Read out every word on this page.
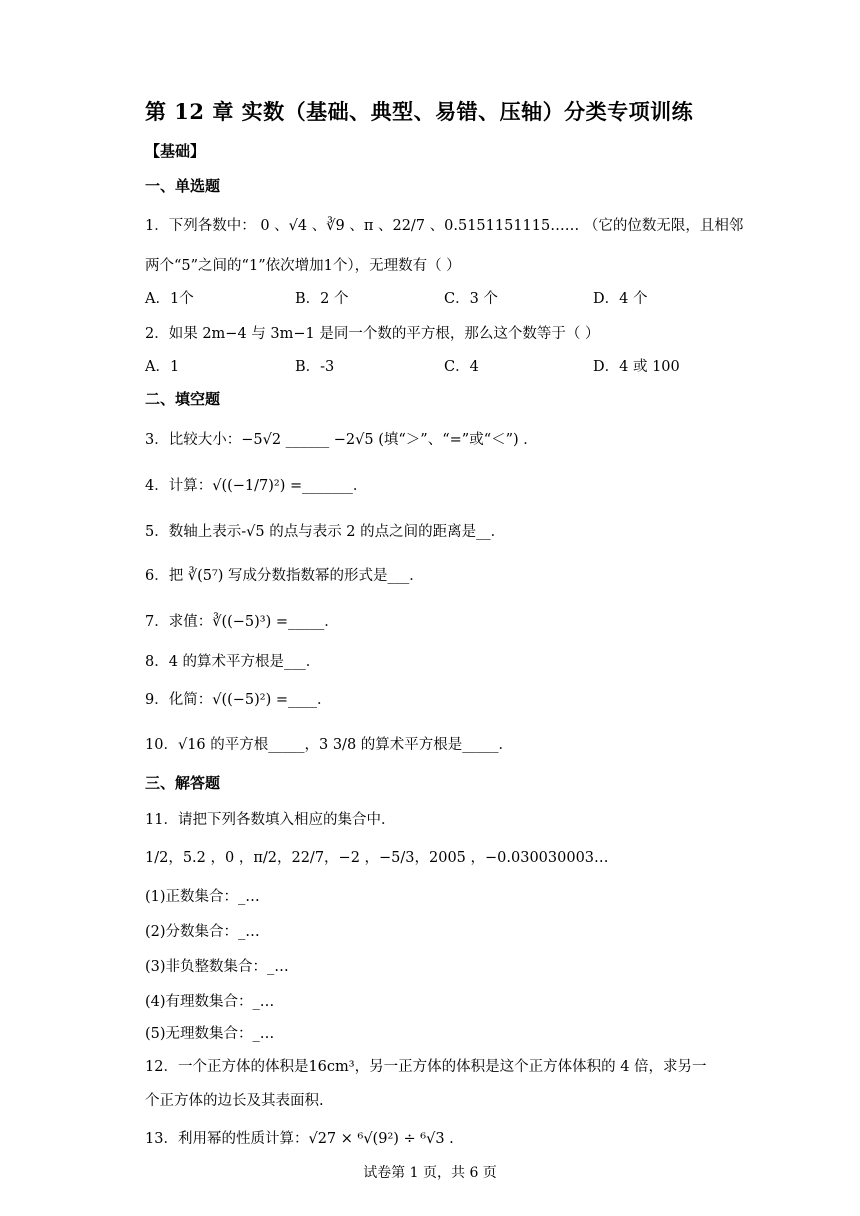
第 12 章 实数（基础、典型、易错、压轴）分类专项训练
【基础】
一、单选题
1．下列各数中： 0 、√4 、∛9 、π 、22/7 、0.5151151115…… （它的位数无限，且相邻
两个“5”之间的“1”依次增加1个），无理数有（ ）
A．1个	B．2 个	C．3 个	D．4 个
2．如果 2m−4 与 3m−1 是同一个数的平方根，那么这个数等于（ ）
A．1	B．-3	C．4	D．4 或 100
二、填空题
3．比较大小：−5√2 ______ −2√5 (填“＞”、“=”或“＜”) ．
4．计算：√((−1/7)²) =_______．
5．数轴上表示-√5 的点与表示 2 的点之间的距离是__．
6．把 ∛(5⁷) 写成分数指数幂的形式是___．
7．求值：∛((−5)³) =_____．
8．4 的算术平方根是___．
9．化简：√((−5)²) =____．
10．√16 的平方根_____，3 3/8 的算术平方根是_____．
三、解答题
11．请把下列各数填入相应的集合中．
1/2，5.2 ，0 ，π/2，22/7，−2 ，−5/3，2005 ，−0.030030003…
(1)正数集合：_…
(2)分数集合：_…
(3)非负整数集合：_…
(4)有理数集合：_…
(5)无理数集合：_…
12．一个正方体的体积是16cm³，另一正方体的体积是这个正方体体积的 4 倍，求另一
个正方体的边长及其表面积.
13．利用幂的性质计算：√27 × ⁶√(9²) ÷ ⁶√3 .
试卷第 1 页，共 6 页
